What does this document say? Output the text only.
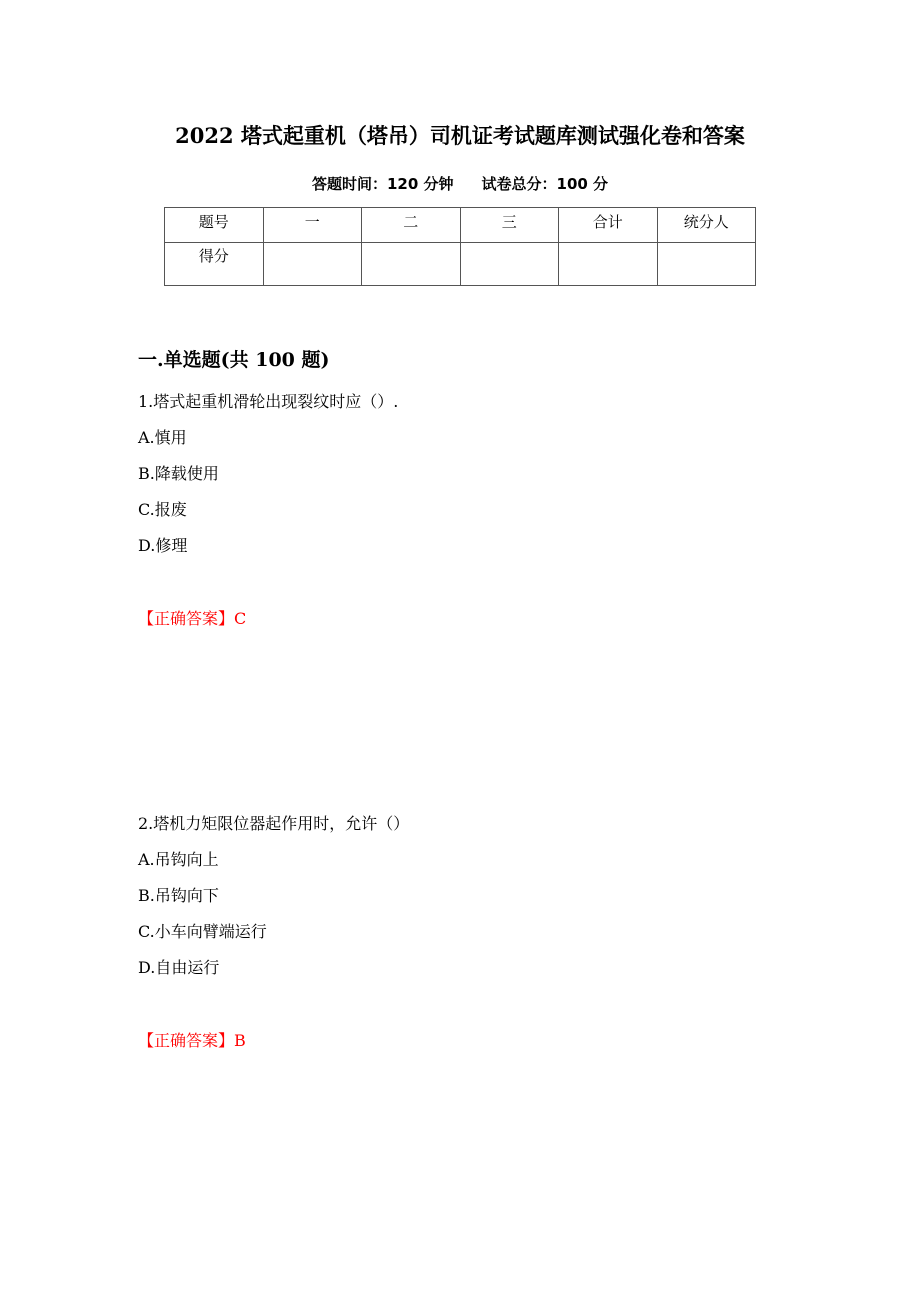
2022 塔式起重机（塔吊）司机证考试题库测试强化卷和答案
答题时间：120 分钟 试卷总分：100 分
题号	一	二	三	合计	统分人
得分					
一.单选题(共 100 题)
1.塔式起重机滑轮出现裂纹时应（）.
A.慎用
B.降载使用
C.报废
D.修理
【正确答案】C
2.塔机力矩限位器起作用时，允许（）
A.吊钩向上
B.吊钩向下
C.小车向臂端运行
D.自由运行
【正确答案】B
